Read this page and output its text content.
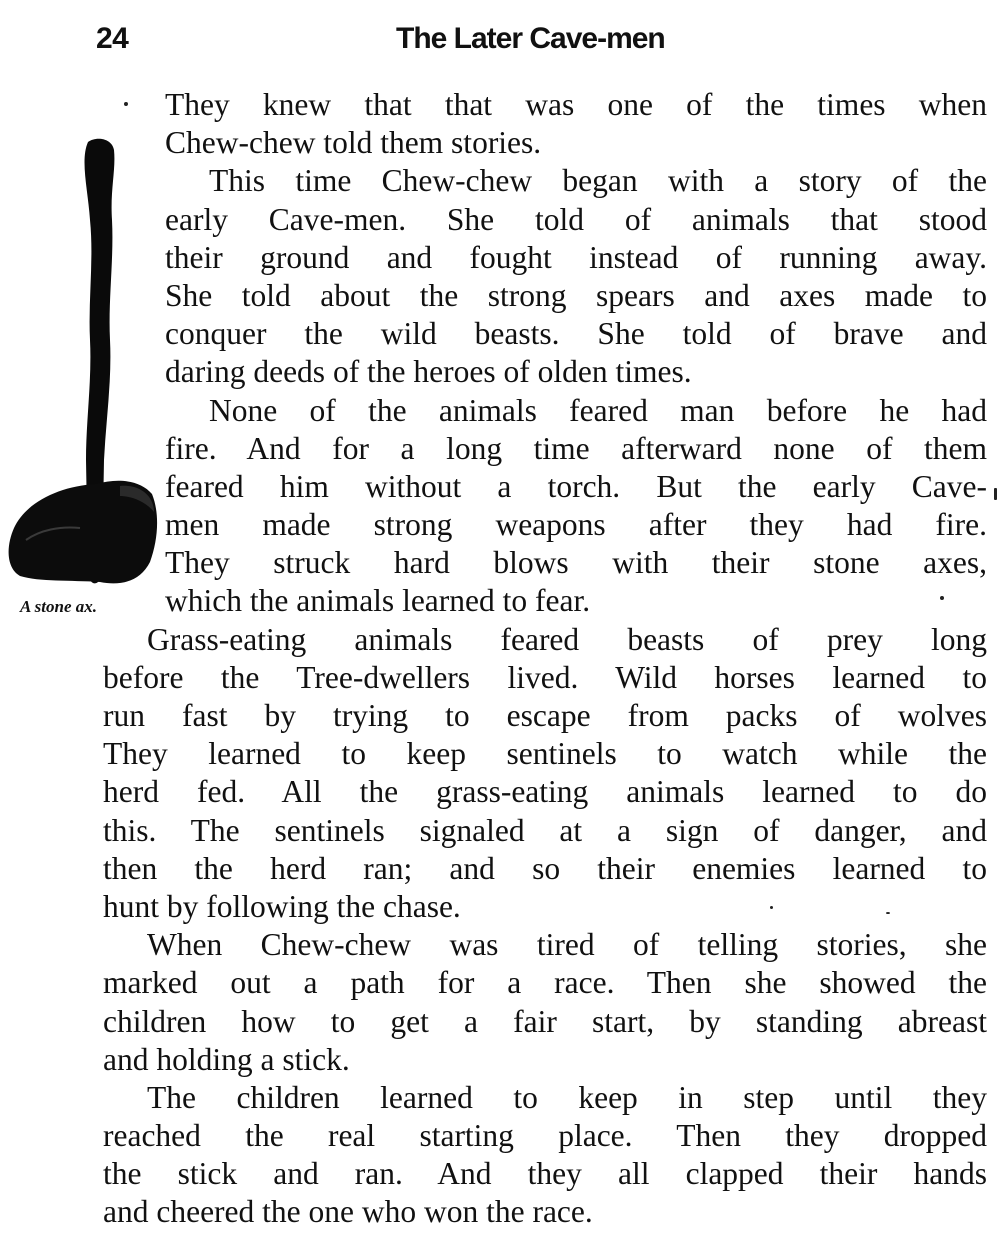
24	The Later Cave-men
A stone ax.
They knew that that was one of the times when
Chew-chew told them stories.
This time Chew-chew began with a story of the
early Cave-men. She told of animals that stood
their ground and fought instead of running away.
She told about the strong spears and axes made to
conquer the wild beasts. She told of brave and
daring deeds of the heroes of olden times.
None of the animals feared man before he had
fire. And for a long time afterward none of them
feared him without a torch. But the early Cave-
men made strong weapons after they had fire.
They struck hard blows with their stone axes,
which the animals learned to fear.
Grass-eating animals feared beasts of prey long
before the Tree-dwellers lived. Wild horses learned to
run fast by trying to escape from packs of wolves
They learned to keep sentinels to watch while the
herd fed. All the grass-eating animals learned to do
this. The sentinels signaled at a sign of danger, and
then the herd ran; and so their enemies learned to
hunt by following the chase.
When Chew-chew was tired of telling stories, she
marked out a path for a race. Then she showed the
children how to get a fair start, by standing abreast
and holding a stick.
The children learned to keep in step until they
reached the real starting place. Then they dropped
the stick and ran. And they all clapped their hands
and cheered the one who won the race.
